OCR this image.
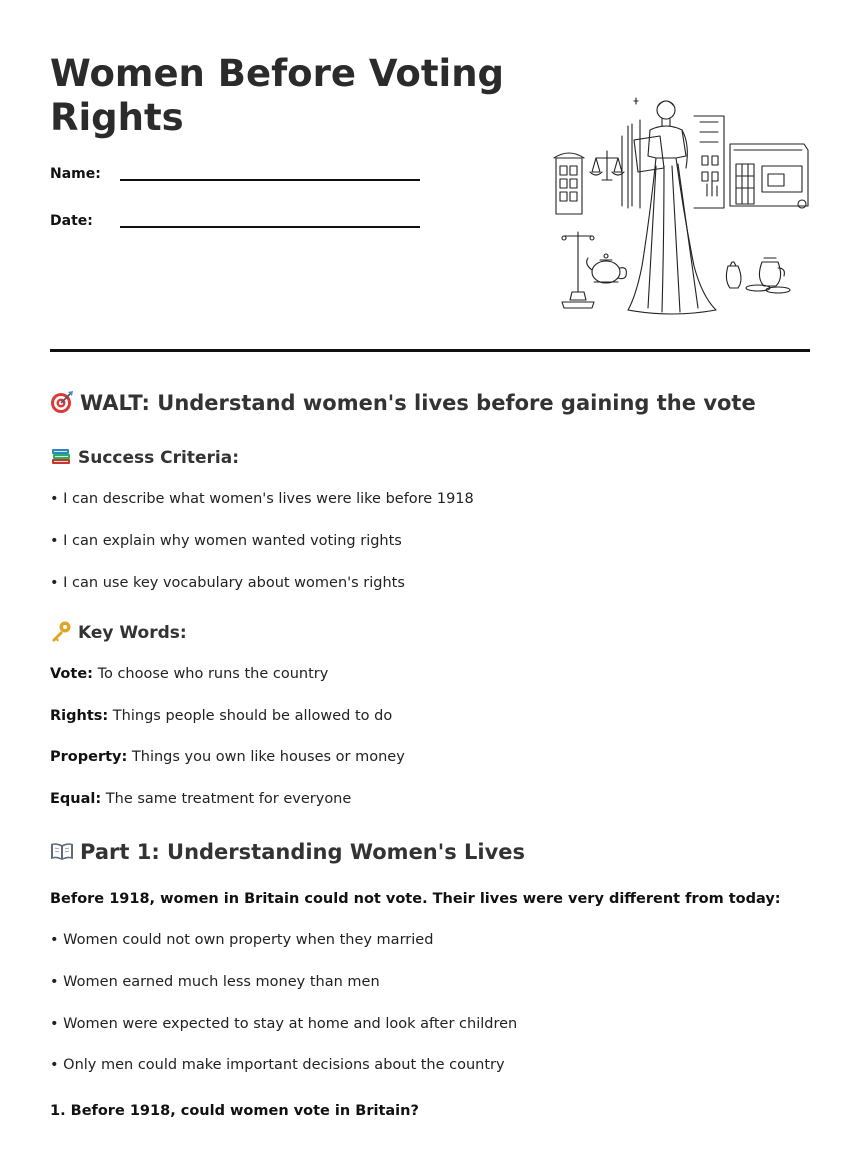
Women Before Voting
Rights
Name:
Date:
WALT: Understand women's lives before gaining the vote
Success Criteria:
• I can describe what women's lives were like before 1918
• I can explain why women wanted voting rights
• I can use key vocabulary about women's rights
Key Words:
Vote: To choose who runs the country
Rights: Things people should be allowed to do
Property: Things you own like houses or money
Equal: The same treatment for everyone
Part 1: Understanding Women's Lives
Before 1918, women in Britain could not vote. Their lives were very different from today:
• Women could not own property when they married
• Women earned much less money than men
• Women were expected to stay at home and look after children
• Only men could make important decisions about the country
1. Before 1918, could women vote in Britain?
